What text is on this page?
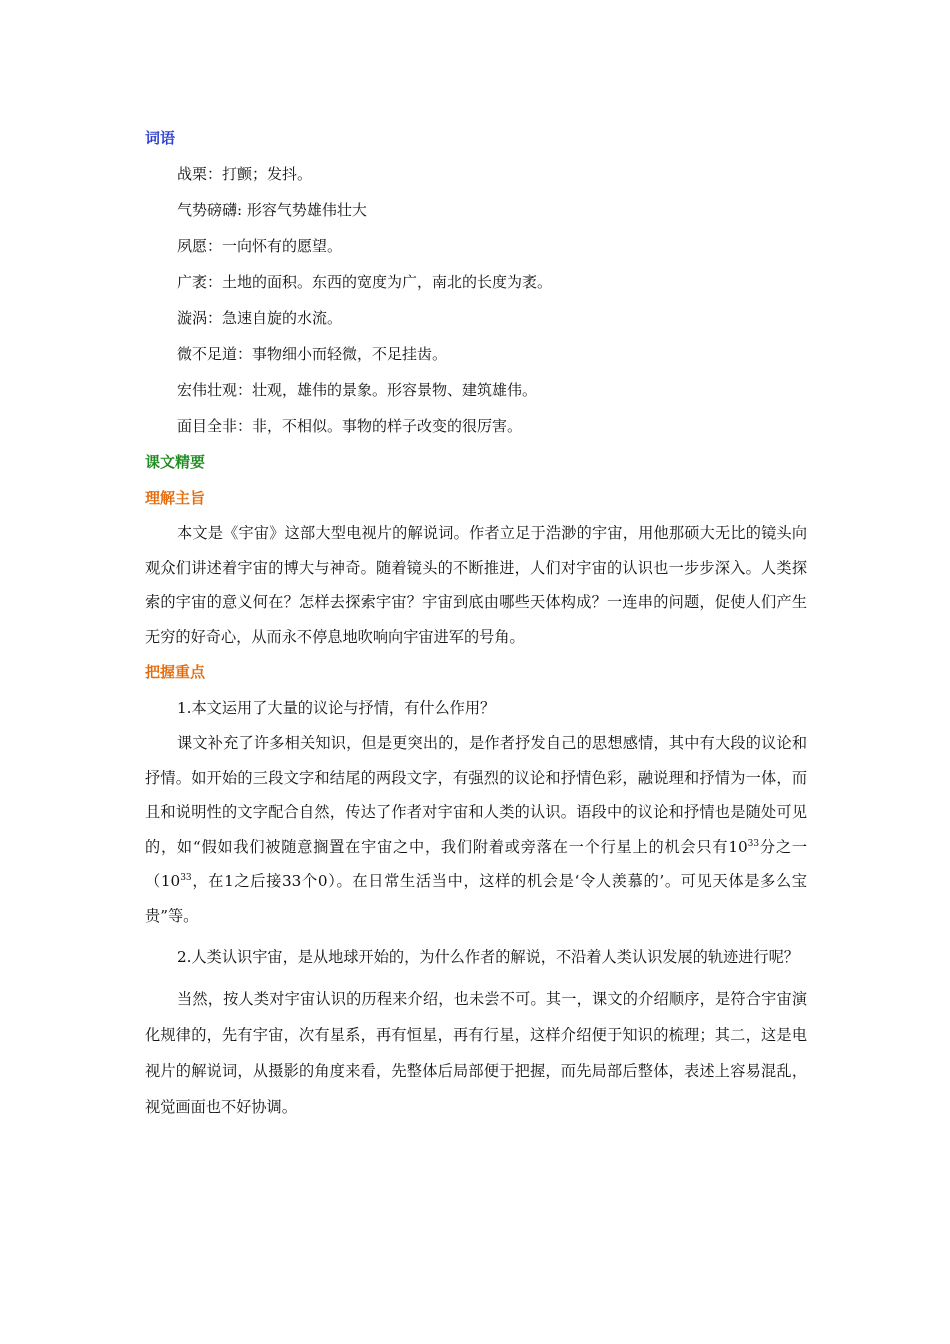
词语
战栗：打颤；发抖。
气势磅礴: 形容气势雄伟壮大
夙愿：一向怀有的愿望。
广袤：土地的面积。东西的宽度为广，南北的长度为袤。
漩涡：急速自旋的水流。
微不足道：事物细小而轻微，不足挂齿。
宏伟壮观：壮观，雄伟的景象。形容景物、建筑雄伟。
面目全非：非，不相似。事物的样子改变的很厉害。
课文精要
理解主旨

本文是《宇宙》这部大型电视片的解说词。作者立足于浩渺的宇宙，用他那硕大无比的镜头向观众们讲述着宇宙的博大与神奇。随着镜头的不断推进，人们对宇宙的认识也一步步深入。人类探索的宇宙的意义何在？怎样去探索宇宙？宇宙到底由哪些天体构成？一连串的问题，促使人们产生无穷的好奇心，从而永不停息地吹响向宇宙进军的号角。

把握重点

1.本文运用了大量的议论与抒情，有什么作用？

课文补充了许多相关知识，但是更突出的，是作者抒发自己的思想感情，其中有大段的议论和抒情。如开始的三段文字和结尾的两段文字，有强烈的议论和抒情色彩，融说理和抒情为一体，而且和说明性的文字配合自然，传达了作者对宇宙和人类的认识。语段中的议论和抒情也是随处可见的，如“假如我们被随意搁置在宇宙之中，我们附着或旁落在一个行星上的机会只有$10^{33}$分之一（$10^{33}$，在1之后接33个0）。在日常生活当中，这样的机会是‘令人羡慕的’。可见天体是多么宝贵”等。

2.人类认识宇宙，是从地球开始的，为什么作者的解说，不沿着人类认识发展的轨迹进行呢？

当然，按人类对宇宙认识的历程来介绍，也未尝不可。其一，课文的介绍顺序，是符合宇宙演化规律的，先有宇宙，次有星系，再有恒星，再有行星，这样介绍便于知识的梳理；其二，这是电视片的解说词，从摄影的角度来看，先整体后局部便于把握，而先局部后整体，表述上容易混乱，视觉画面也不好协调。
